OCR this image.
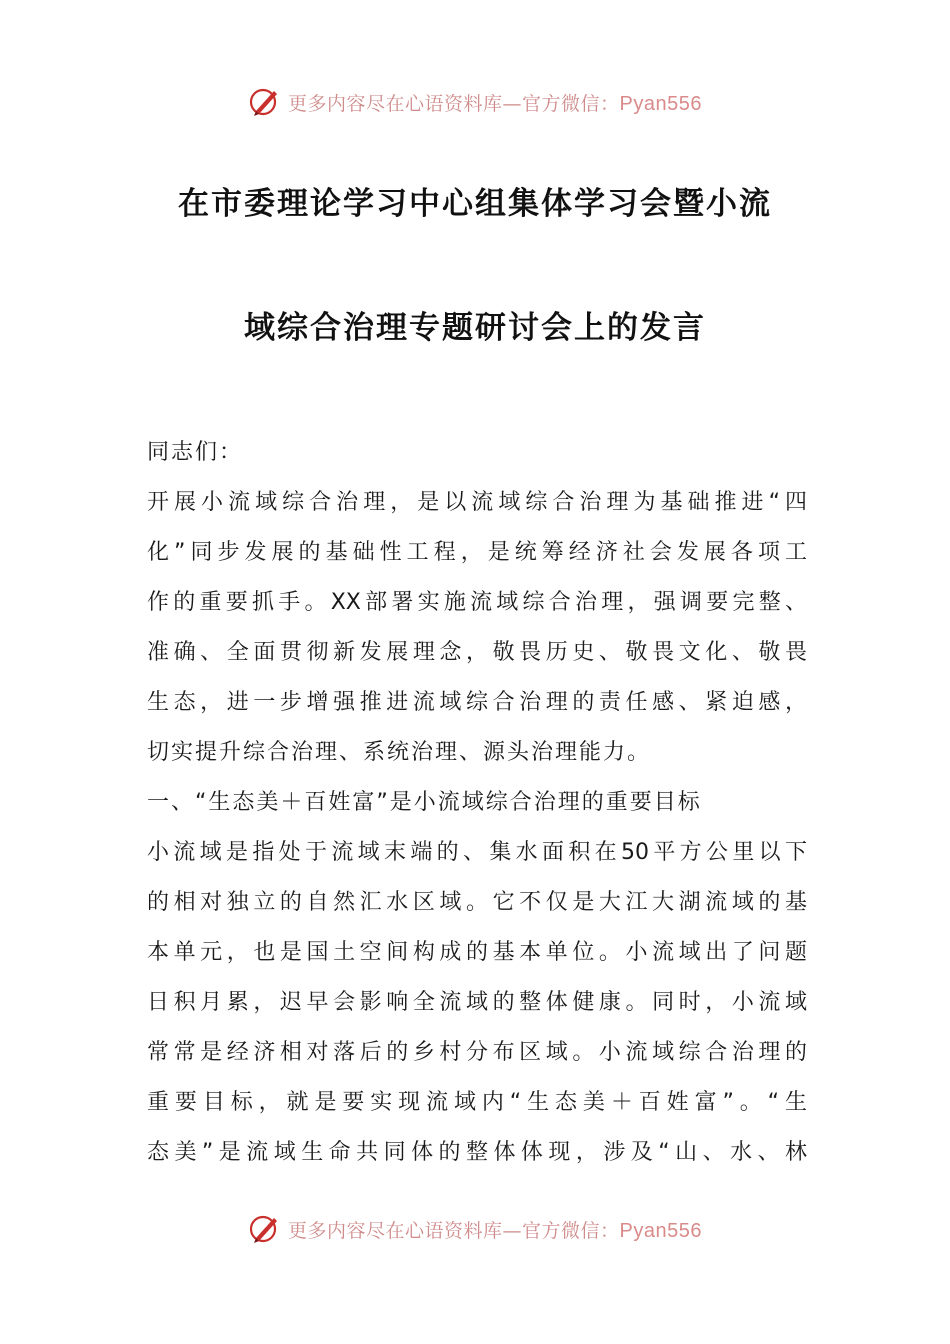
更多内容尽在心语资料库—官方微信：Pyan556
在市委理论学习中心组集体学习会暨小流
域综合治理专题研讨会上的发言
同志们：
开展小流域综合治理，是以流域综合治理为基础推进“四
化”同步发展的基础性工程，是统筹经济社会发展各项工
作的重要抓手。XX部署实施流域综合治理，强调要完整、
准确、全面贯彻新发展理念，敬畏历史、敬畏文化、敬畏
生态，进一步增强推进流域综合治理的责任感、紧迫感，
切实提升综合治理、系统治理、源头治理能力。
一、“生态美＋百姓富”是小流域综合治理的重要目标
小流域是指处于流域末端的、集水面积在50平方公里以下
的相对独立的自然汇水区域。它不仅是大江大湖流域的基
本单元，也是国土空间构成的基本单位。小流域出了问题
日积月累，迟早会影响全流域的整体健康。同时，小流域
常常是经济相对落后的乡村分布区域。小流域综合治理的
重要目标，就是要实现流域内“生态美＋百姓富”。“生
态美”是流域生命共同体的整体体现，涉及“山、水、林
更多内容尽在心语资料库—官方微信：Pyan556
